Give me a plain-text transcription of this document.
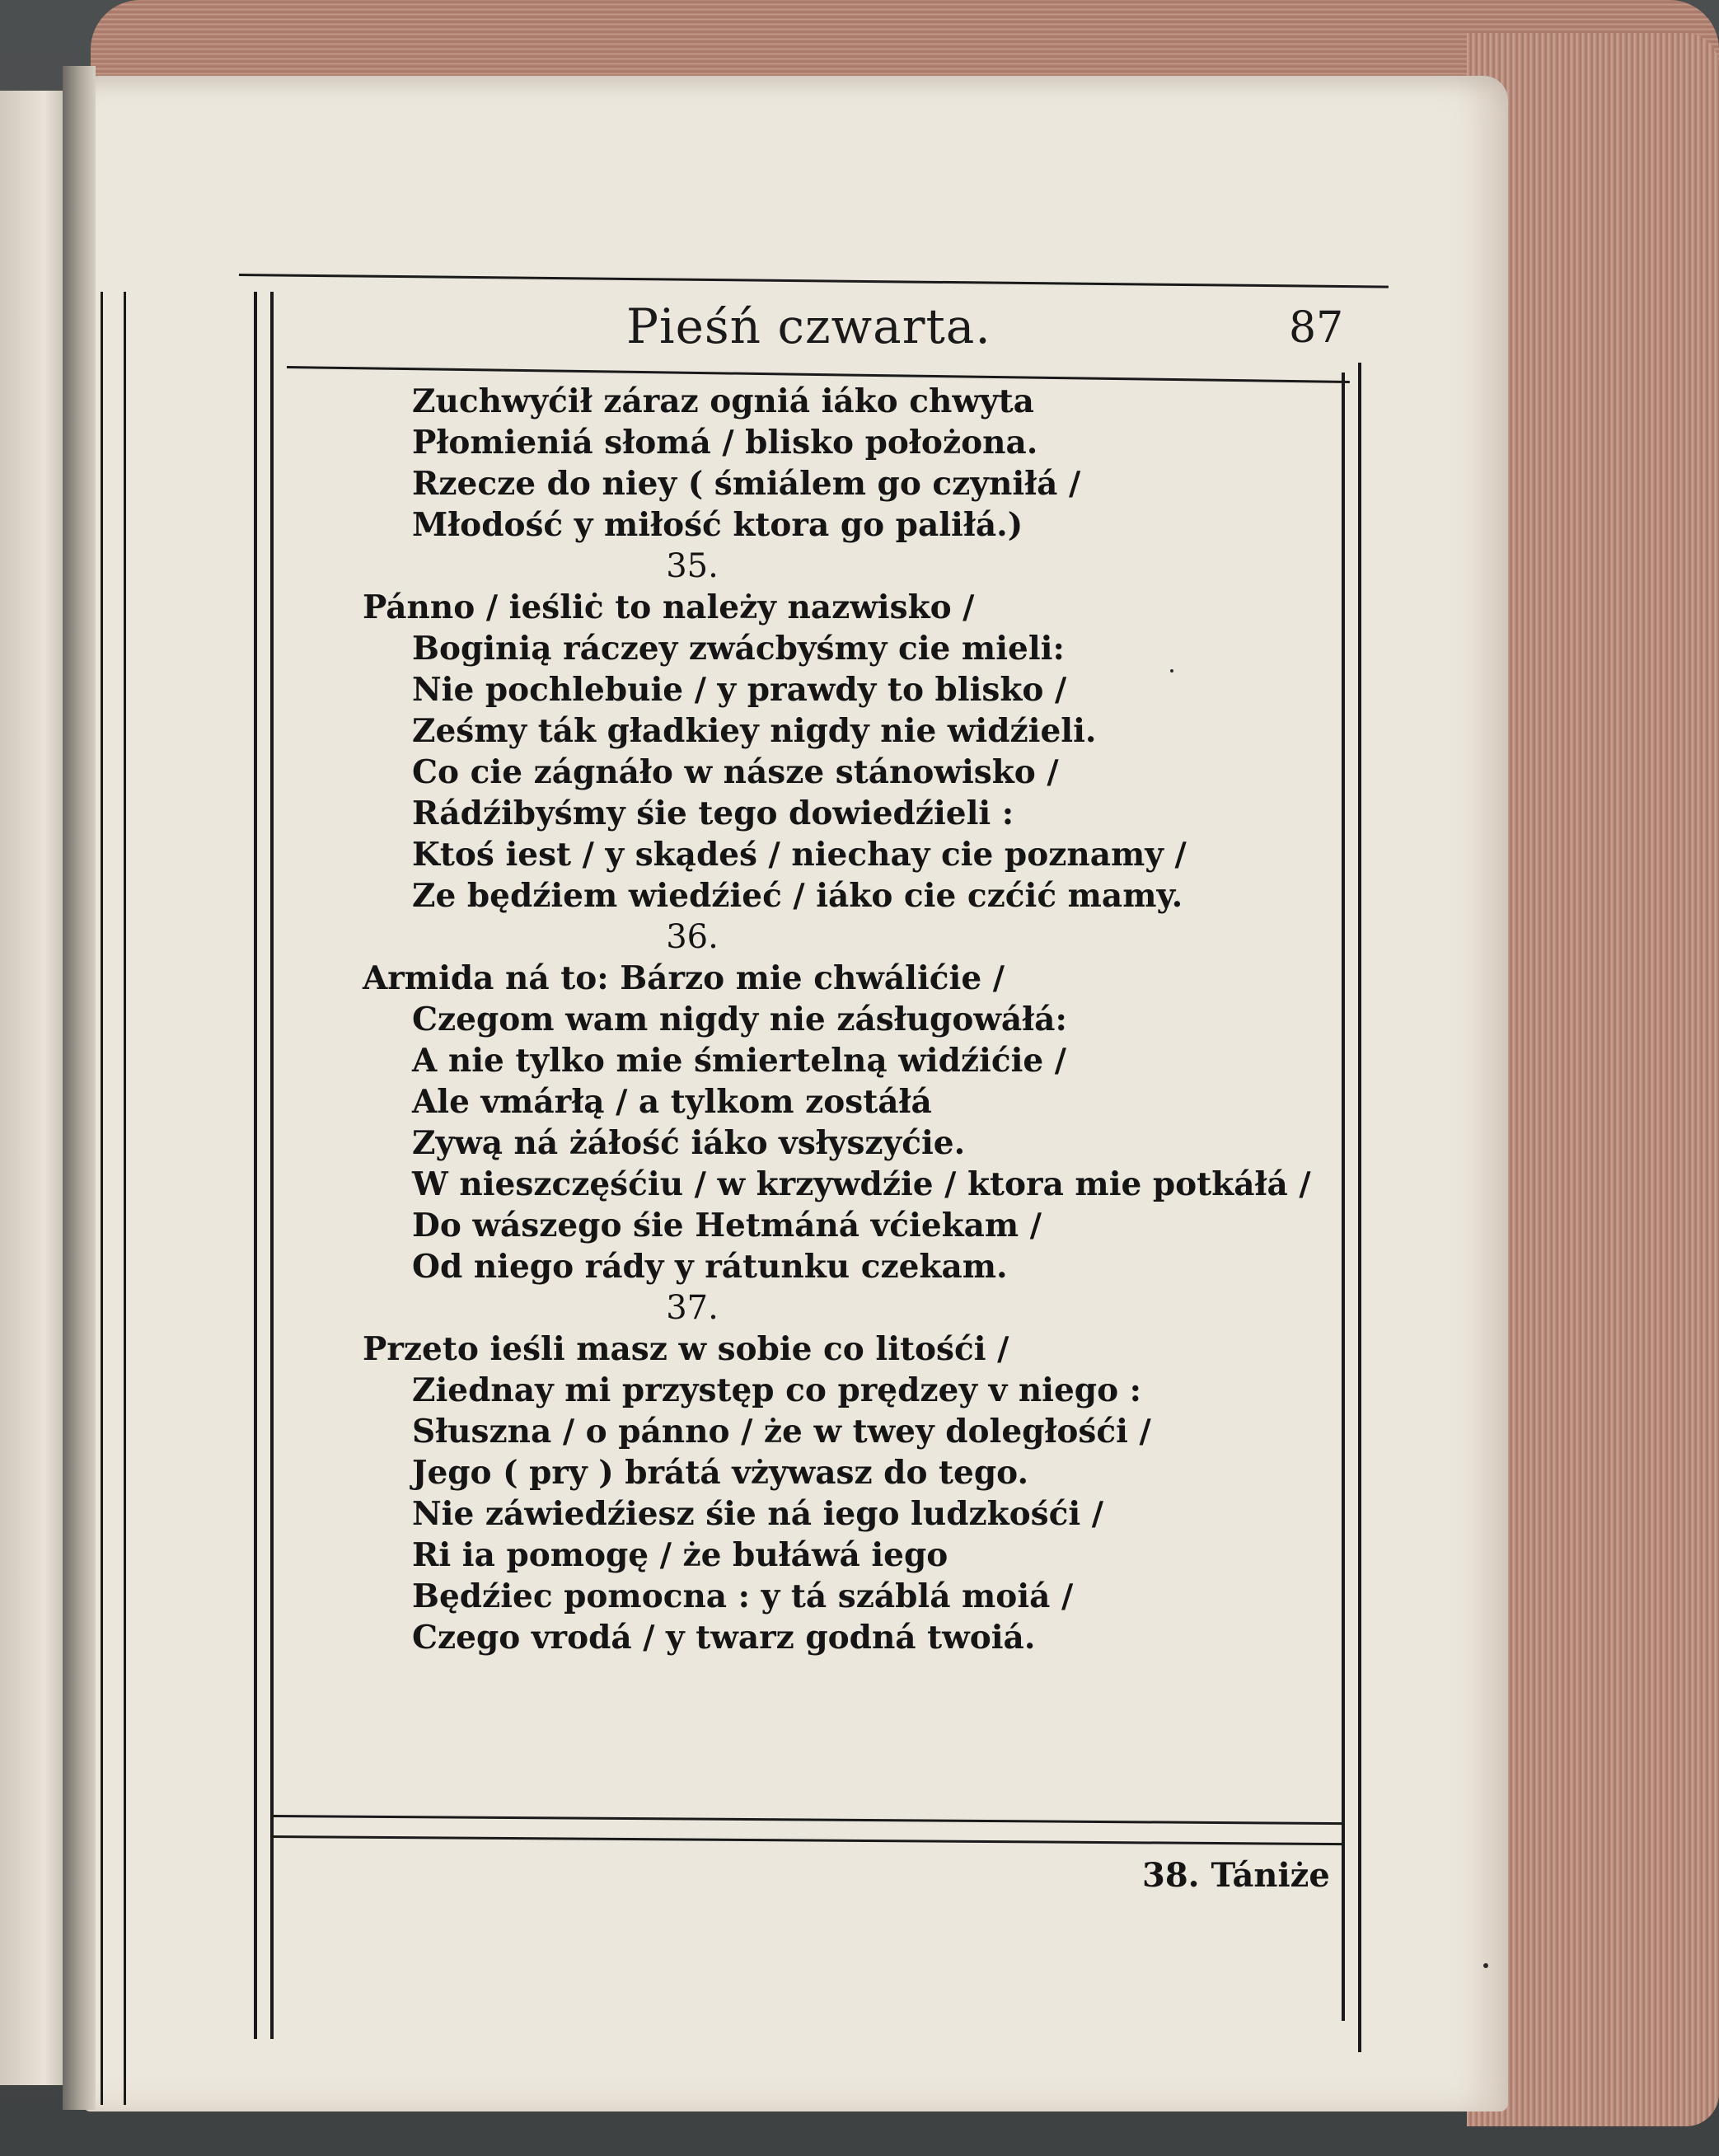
Pieśń czwarta.	87
Zuchwyćił záraz ogniá iáko chwyta
Płomieniá słomá / blisko położona.
Rzecze do niey ( śmiálem go czyniłá /
Młodość y miłość ktora go paliłá.)
35.
Pánno / ieśliċ to należy nazwisko /
Boginią ráczey zwácbyśmy cie mieli:
Nie pochlebuie / y prawdy to blisko /
Ześmy ták gładkiey nigdy nie widźieli.
Co cie zágnáło w násze stánowisko /
Rádźibyśmy śie tego dowiedźieli :
Ktoś iest / y skądeś / niechay cie poznamy /
Ze będźiem wiedźieć / iáko cie czćić mamy.
36.
Armida ná to: Bárzo mie chwálićie /
Czegom wam nigdy nie zásługowáłá:
A nie tylko mie śmiertelną widźićie /
Ale vmárłą / a tylkom zostáłá
Zywą ná żáłość iáko vsłyszyćie.
W nieszczęśćiu / w krzywdźie / ktora mie potkáłá /
Do wászego śie Hetmáná vćiekam /
Od niego rády y rátunku czekam.
37.
Przeto ieśli masz w sobie co litośći /
Ziednay mi przystęp co prędzey v niego :
Słuszna / o pánno / że w twey doległośći /
Jego ( pry ) brátá vżywasz do tego.
Nie záwiedźiesz śie ná iego ludzkośći /
Ri ia pomogę / że bułáwá iego
Będźiec pomocna : y tá száblá moiá /
Czego vrodá / y twarz godná twoiá.
38. Tániże
